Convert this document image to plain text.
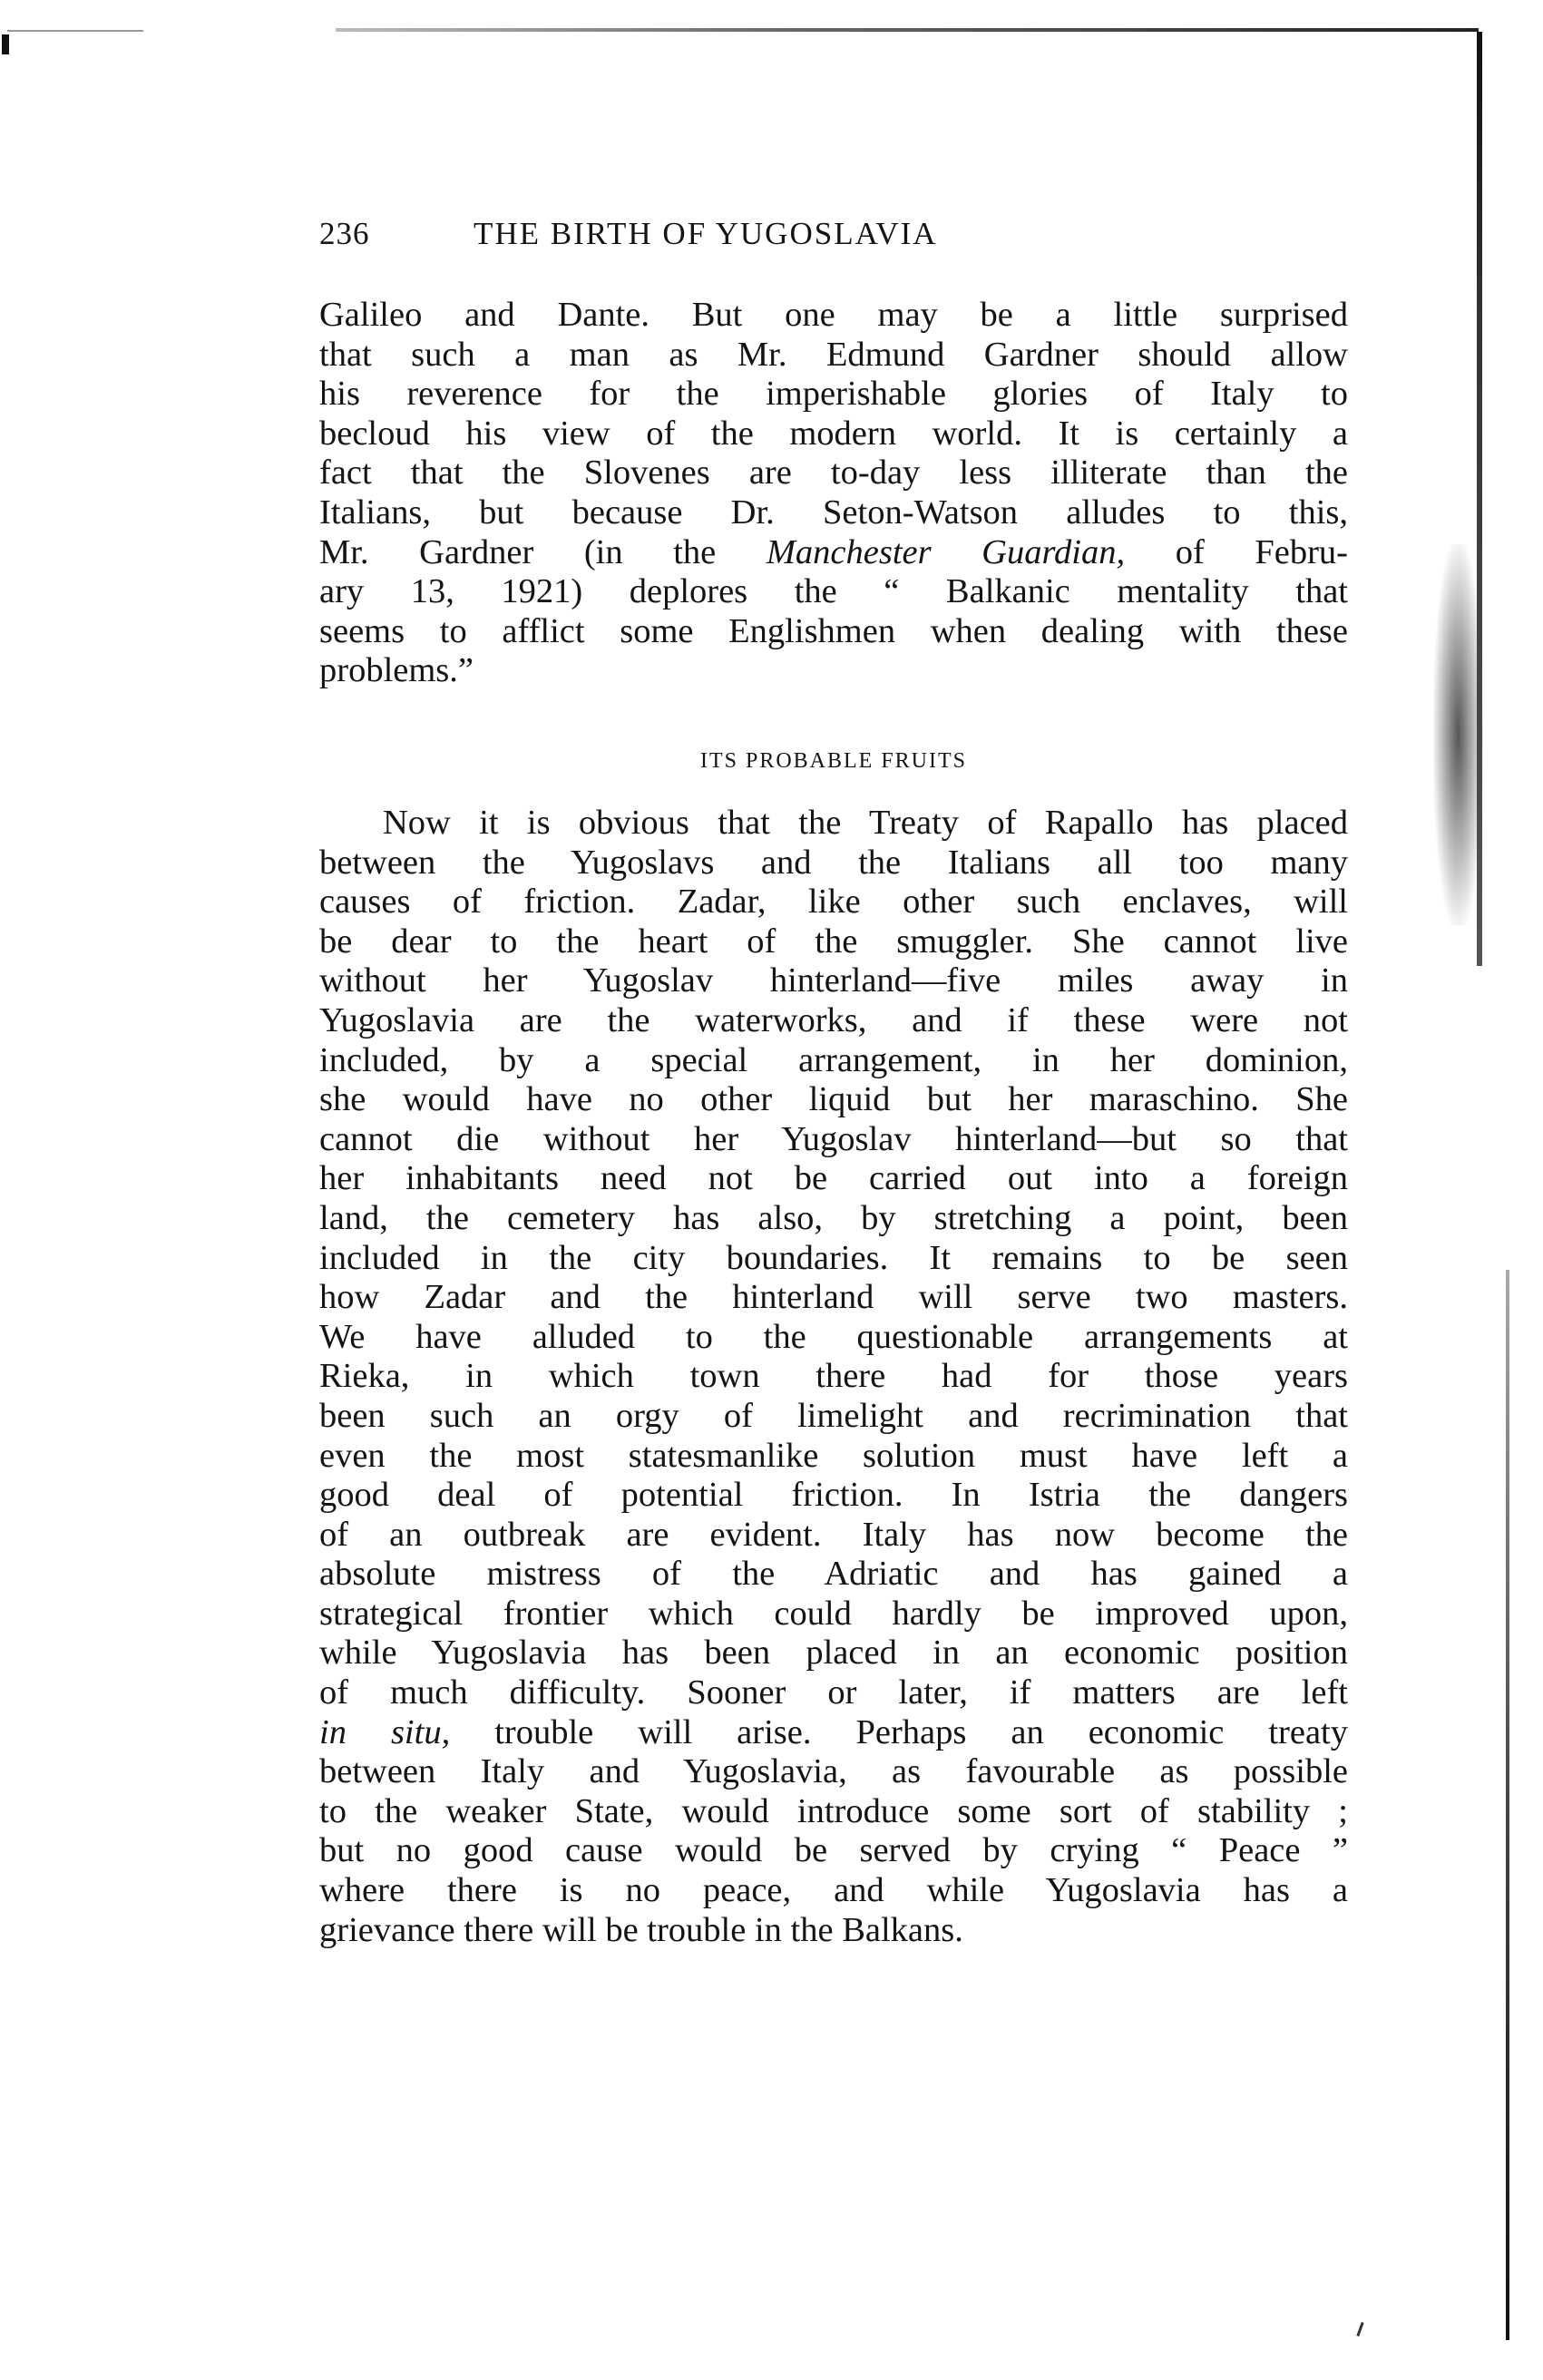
236	THE BIRTH OF YUGOSLAVIA
Galileo and Dante. But one may be a little surprised
that such a man as Mr. Edmund Gardner should allow
his reverence for the imperishable glories of Italy to
becloud his view of the modern world. It is certainly a
fact that the Slovenes are to-day less illiterate than the
Italians, but because Dr. Seton-Watson alludes to this,
Mr. Gardner (in the Manchester Guardian, of Febru-
ary 13, 1921) deplores the “ Balkanic mentality that
seems to afflict some Englishmen when dealing with these
problems.”
ITS PROBABLE FRUITS
Now it is obvious that the Treaty of Rapallo has placed
between the Yugoslavs and the Italians all too many
causes of friction. Zadar, like other such enclaves, will
be dear to the heart of the smuggler. She cannot live
without her Yugoslav hinterland—five miles away in
Yugoslavia are the waterworks, and if these were not
included, by a special arrangement, in her dominion,
she would have no other liquid but her maraschino. She
cannot die without her Yugoslav hinterland—but so that
her inhabitants need not be carried out into a foreign
land, the cemetery has also, by stretching a point, been
included in the city boundaries. It remains to be seen
how Zadar and the hinterland will serve two masters.
We have alluded to the questionable arrangements at
Rieka, in which town there had for those years
been such an orgy of limelight and recrimination that
even the most statesmanlike solution must have left a
good deal of potential friction. In Istria the dangers
of an outbreak are evident. Italy has now become the
absolute mistress of the Adriatic and has gained a
strategical frontier which could hardly be improved upon,
while Yugoslavia has been placed in an economic position
of much difficulty. Sooner or later, if matters are left
in situ, trouble will arise. Perhaps an economic treaty
between Italy and Yugoslavia, as favourable as possible
to the weaker State, would introduce some sort of stability ;
but no good cause would be served by crying “ Peace ”
where there is no peace, and while Yugoslavia has a
grievance there will be trouble in the Balkans.
